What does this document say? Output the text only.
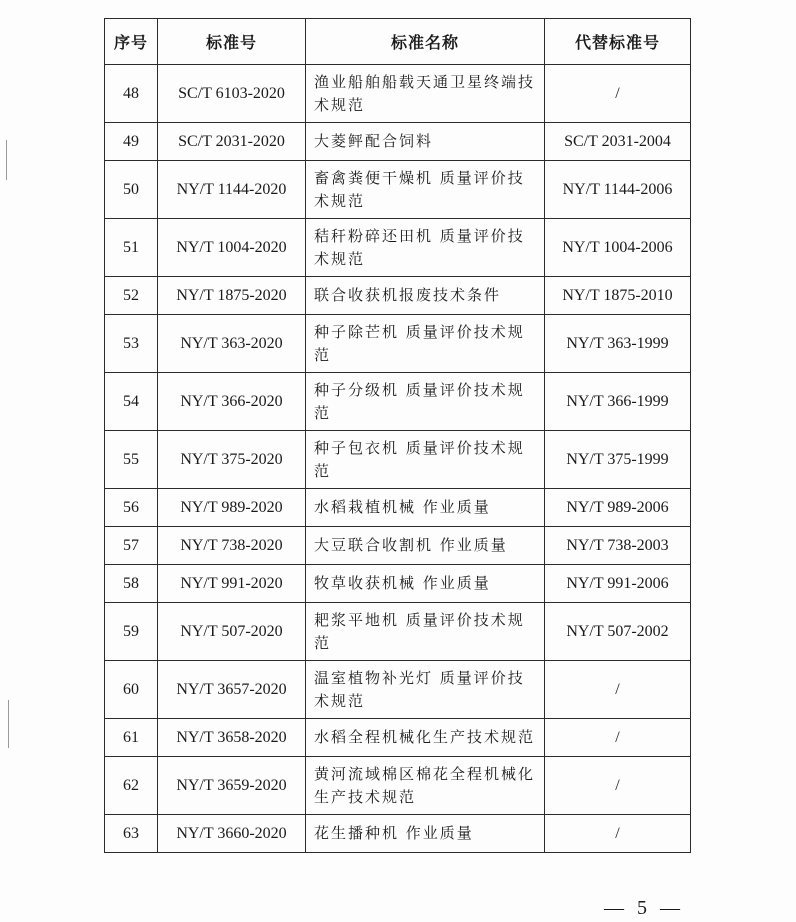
序号	标准号	标准名称	代替标准号
48	SC/T 6103-2020	渔业船舶船载天通卫星终端技术规范	/
49	SC/T 2031-2020	大菱鲆配合饲料	SC/T 2031-2004
50	NY/T 1144-2020	畜禽粪便干燥机 质量评价技术规范	NY/T 1144-2006
51	NY/T 1004-2020	秸秆粉碎还田机 质量评价技术规范	NY/T 1004-2006
52	NY/T 1875-2020	联合收获机报废技术条件	NY/T 1875-2010
53	NY/T 363-2020	种子除芒机 质量评价技术规范	NY/T 363-1999
54	NY/T 366-2020	种子分级机 质量评价技术规范	NY/T 366-1999
55	NY/T 375-2020	种子包衣机 质量评价技术规范	NY/T 375-1999
56	NY/T 989-2020	水稻栽植机械 作业质量	NY/T 989-2006
57	NY/T 738-2020	大豆联合收割机 作业质量	NY/T 738-2003
58	NY/T 991-2020	牧草收获机械 作业质量	NY/T 991-2006
59	NY/T 507-2020	耙浆平地机 质量评价技术规范	NY/T 507-2002
60	NY/T 3657-2020	温室植物补光灯 质量评价技术规范	/
61	NY/T 3658-2020	水稻全程机械化生产技术规范	/
62	NY/T 3659-2020	黄河流域棉区棉花全程机械化生产技术规范	/
63	NY/T 3660-2020	花生播种机 作业质量	/
— 5 —
